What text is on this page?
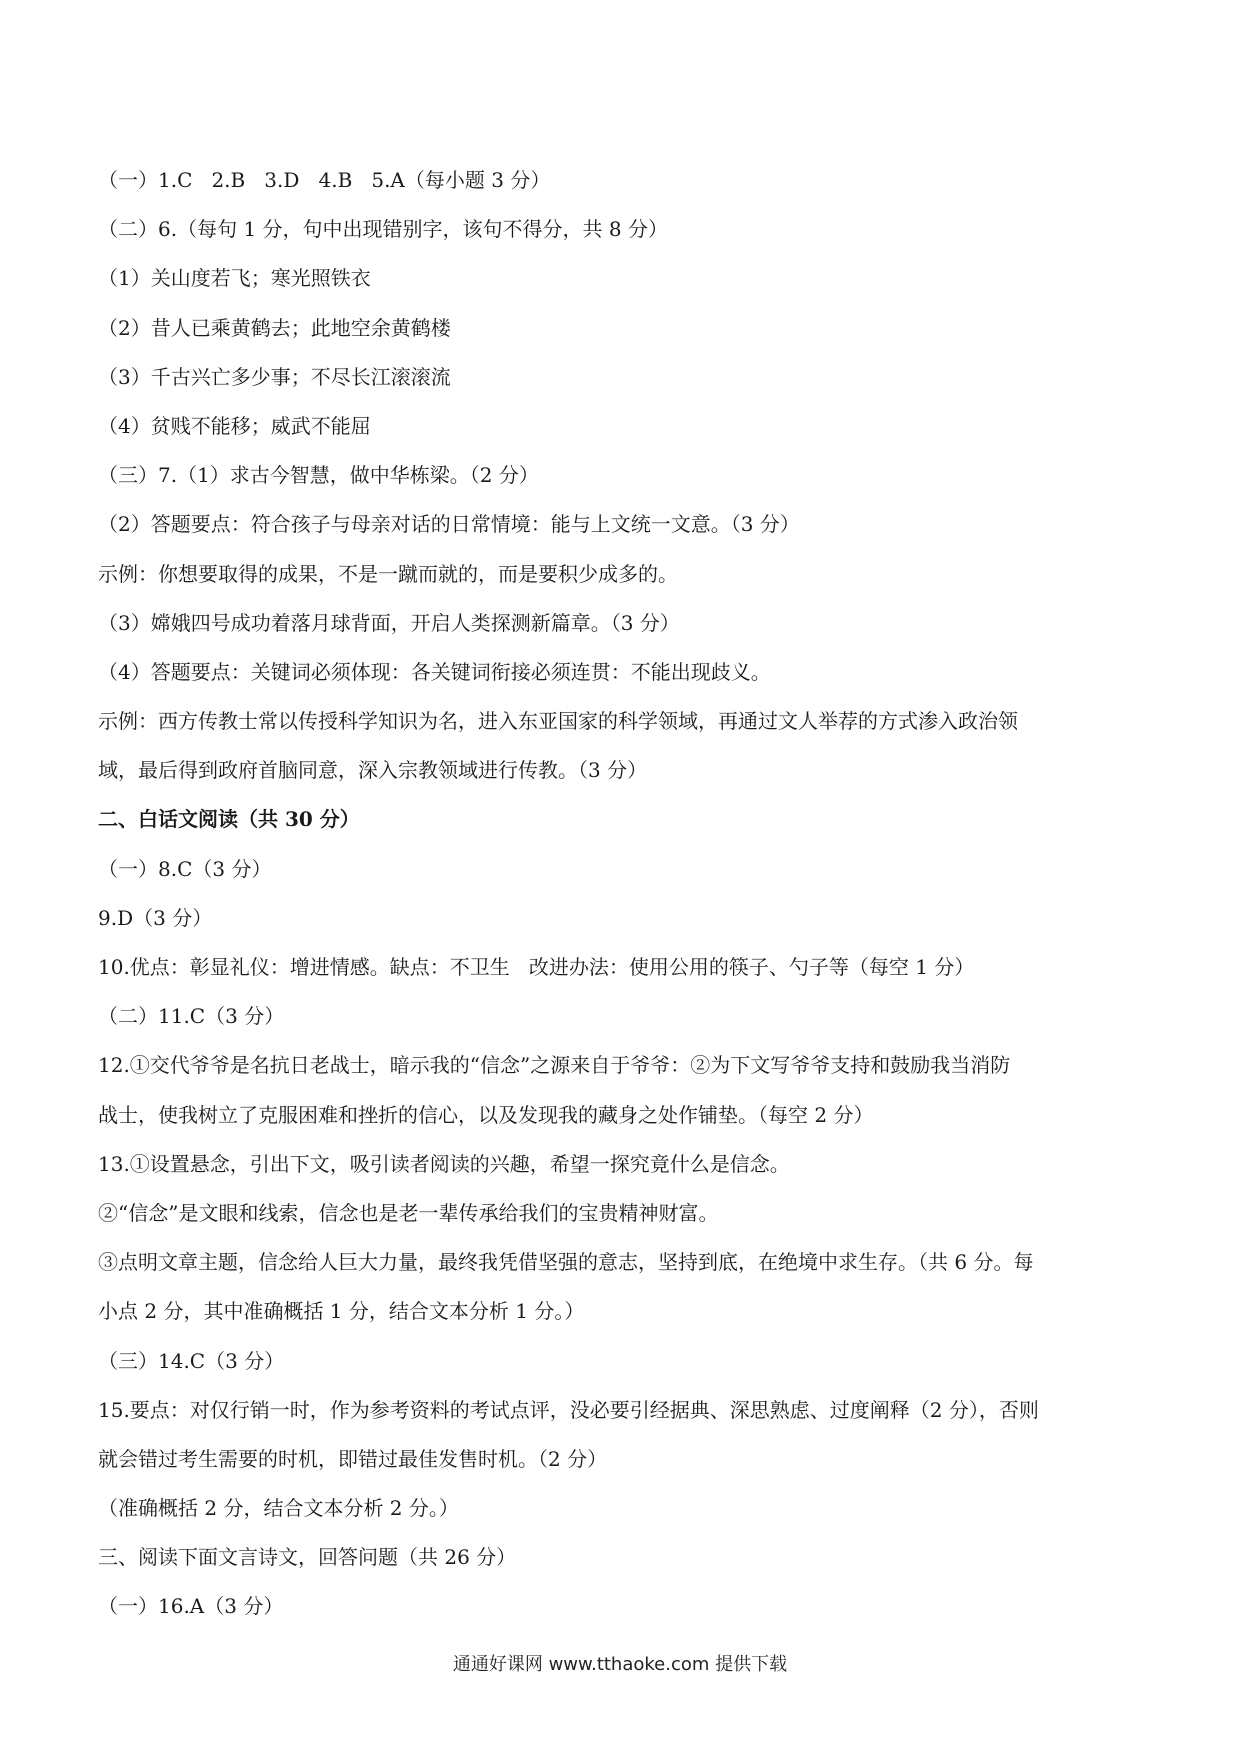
（一）1.C   2.B   3.D   4.B   5.A（每小题 3 分）
（二）6.（每句 1 分，句中出现错别字，该句不得分，共 8 分）
（1）关山度若飞；寒光照铁衣
（2）昔人已乘黄鹤去；此地空余黄鹤楼
（3）千古兴亡多少事；不尽长江滚滚流
（4）贫贱不能移；威武不能屈
（三）7.（1）求古今智慧，做中华栋梁。（2 分）
（2）答题要点：符合孩子与母亲对话的日常情境：能与上文统一文意。（3 分）
示例：你想要取得的成果，不是一蹴而就的，而是要积少成多的。
（3）嫦娥四号成功着落月球背面，开启人类探测新篇章。（3 分）
（4）答题要点：关键词必须体现：各关键词衔接必须连贯：不能出现歧义。
示例：西方传教士常以传授科学知识为名，进入东亚国家的科学领域，再通过文人举荐的方式渗入政治领
域，最后得到政府首脑同意，深入宗教领域进行传教。（3 分）
二、白话文阅读（共 30 分）
（一）8.C（3 分）
9.D（3 分）
10.优点：彰显礼仪：增进情感。缺点：不卫生   改进办法：使用公用的筷子、勺子等（每空 1 分）
（二）11.C（3 分）
12.①交代爷爷是名抗日老战士，暗示我的“信念”之源来自于爷爷：②为下文写爷爷支持和鼓励我当消防
战士，使我树立了克服困难和挫折的信心，以及发现我的藏身之处作铺垫。（每空 2 分）
13.①设置悬念，引出下文，吸引读者阅读的兴趣，希望一探究竟什么是信念。
②“信念”是文眼和线索，信念也是老一辈传承给我们的宝贵精神财富。
③点明文章主题，信念给人巨大力量，最终我凭借坚强的意志，坚持到底，在绝境中求生存。（共 6 分。每
小点 2 分，其中准确概括 1 分，结合文本分析 1 分。）
（三）14.C（3 分）
15.要点：对仅行销一时，作为参考资料的考试点评，没必要引经据典、深思熟虑、过度阐释（2 分），否则
就会错过考生需要的时机，即错过最佳发售时机。（2 分）
（准确概括 2 分，结合文本分析 2 分。）
三、阅读下面文言诗文，回答问题（共 26 分）
（一）16.A（3 分）
通通好课网 www.tthaoke.com 提供下载
